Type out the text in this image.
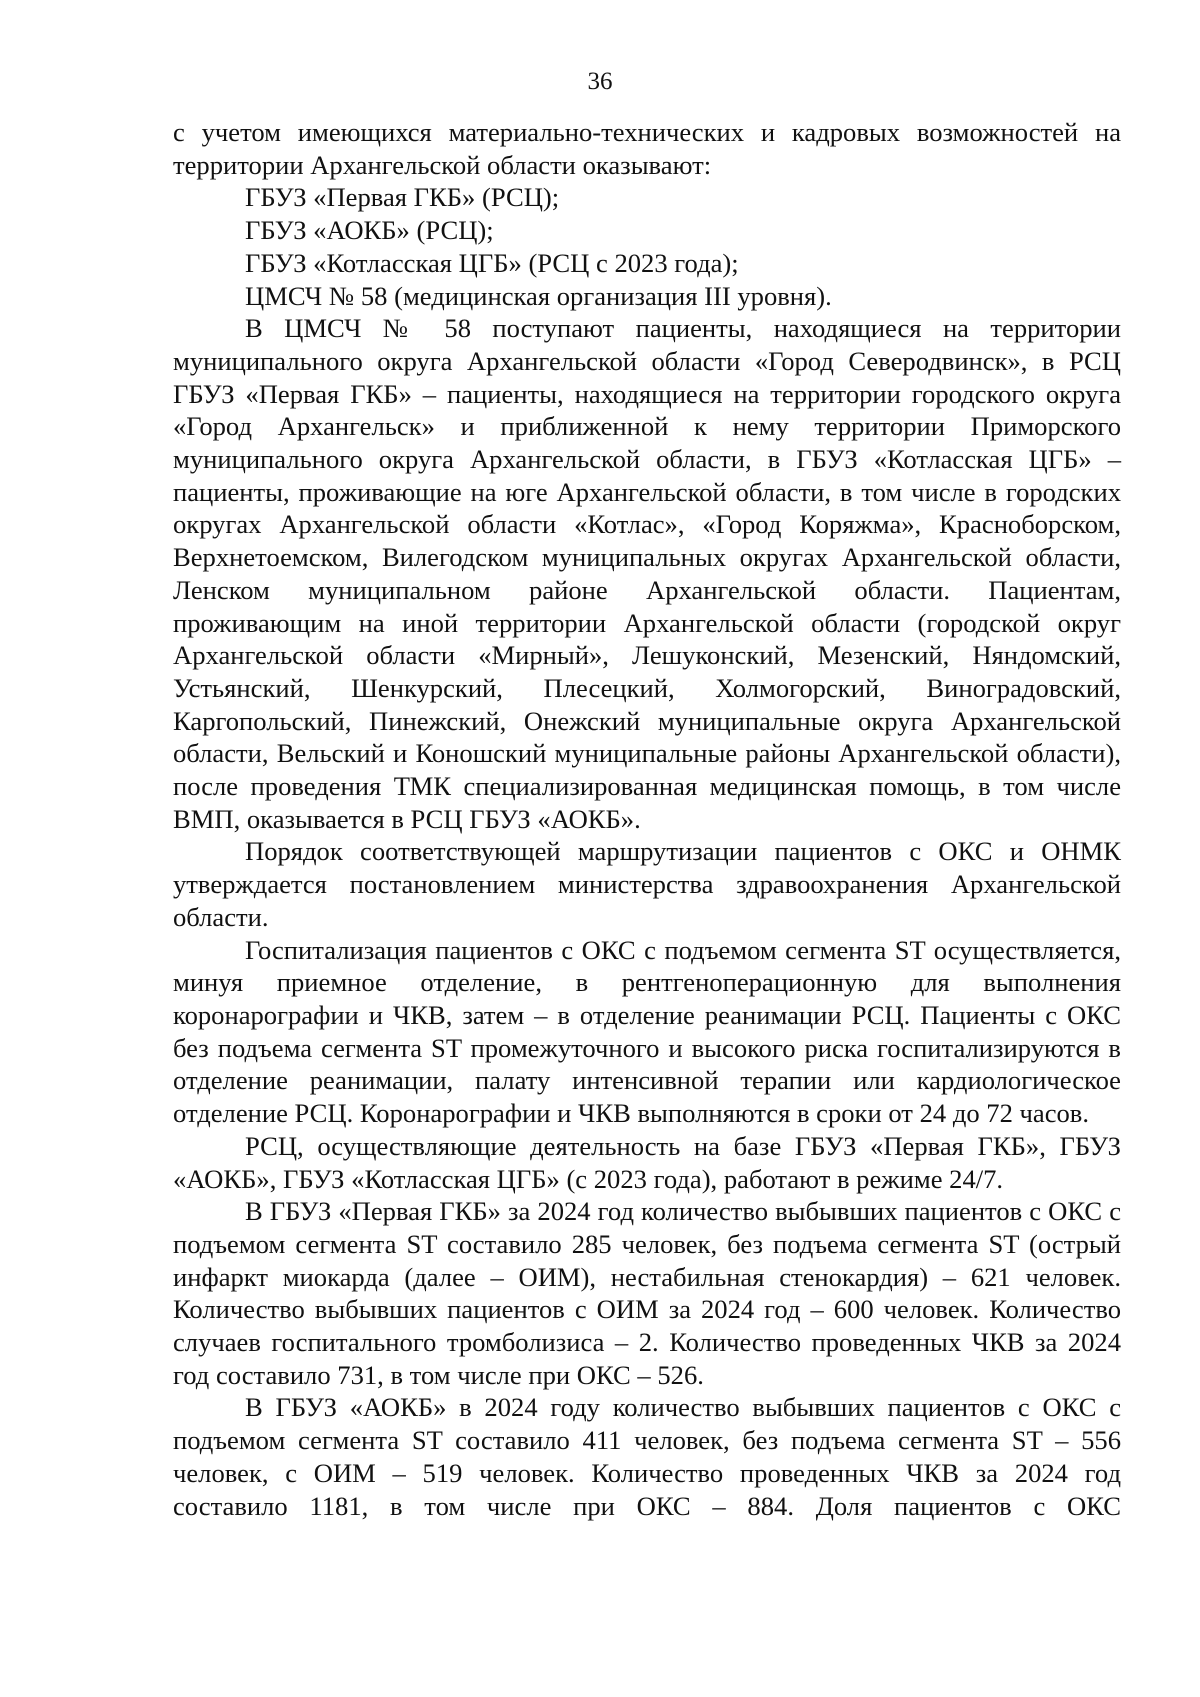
36

с учетом имеющихся материально-технических и кадровых возможностей на территории Архангельской области оказывают:

ГБУЗ «Первая ГКБ» (РСЦ);

ГБУЗ «АОКБ» (РСЦ);

ГБУЗ «Котласская ЦГБ» (РСЦ с 2023 года);

ЦМСЧ № 58 (медицинская организация III уровня).

В ЦМСЧ № 58 поступают пациенты, находящиеся на территории муниципального округа Архангельской области «Город Северодвинск», в РСЦ ГБУЗ «Первая ГКБ» – пациенты, находящиеся на территории городского округа «Город Архангельск» и приближенной к нему территории Приморского муниципального округа Архангельской области, в ГБУЗ «Котласская ЦГБ» – пациенты, проживающие на юге Архангельской области, в том числе в городских округах Архангельской области «Котлас», «Город Коряжма», Красноборском, Верхнетоемском, Вилегодском муниципальных округах Архангельской области, Ленском муниципальном районе Архангельской области. Пациентам, проживающим на иной территории Архангельской области (городской округ Архангельской области «Мирный», Лешуконский, Мезенский, Няндомский, Устьянский, Шенкурский, Плесецкий, Холмогорский, Виноградовский, Каргопольский, Пинежский, Онежский муниципальные округа Архангельской области, Вельский и Коношский муниципальные районы Архангельской области), после проведения ТМК специализированная медицинская помощь, в том числе ВМП, оказывается в РСЦ ГБУЗ «АОКБ».

Порядок соответствующей маршрутизации пациентов с ОКС и ОНМК утверждается постановлением министерства здравоохранения Архангельской области.

Госпитализация пациентов с ОКС с подъемом сегмента ST осуществляется, минуя приемное отделение, в рентгеноперационную для выполнения коронарографии и ЧКВ, затем – в отделение реанимации РСЦ. Пациенты с ОКС без подъема сегмента ST промежуточного и высокого риска госпитализируются в отделение реанимации, палату интенсивной терапии или кардиологическое отделение РСЦ. Коронарографии и ЧКВ выполняются в сроки от 24 до 72 часов.

РСЦ, осуществляющие деятельность на базе ГБУЗ «Первая ГКБ», ГБУЗ «АОКБ», ГБУЗ «Котласская ЦГБ» (с 2023 года), работают в режиме 24/7.

В ГБУЗ «Первая ГКБ» за 2024 год количество выбывших пациентов с ОКС с подъемом сегмента ST составило 285 человек, без подъема сегмента ST (острый инфаркт миокарда (далее – ОИМ), нестабильная стенокардия) – 621 человек. Количество выбывших пациентов с ОИМ за 2024 год – 600 человек. Количество случаев госпитального тромболизиса – 2. Количество проведенных ЧКВ за 2024 год составило 731, в том числе при ОКС – 526.

В ГБУЗ «АОКБ» в 2024 году количество выбывших пациентов с ОКС с подъемом сегмента ST составило 411 человек, без подъема сегмента ST – 556 человек, с ОИМ – 519 человек. Количество проведенных ЧКВ за 2024 год составило 1181, в том числе при ОКС – 884. Доля пациентов с ОКС
